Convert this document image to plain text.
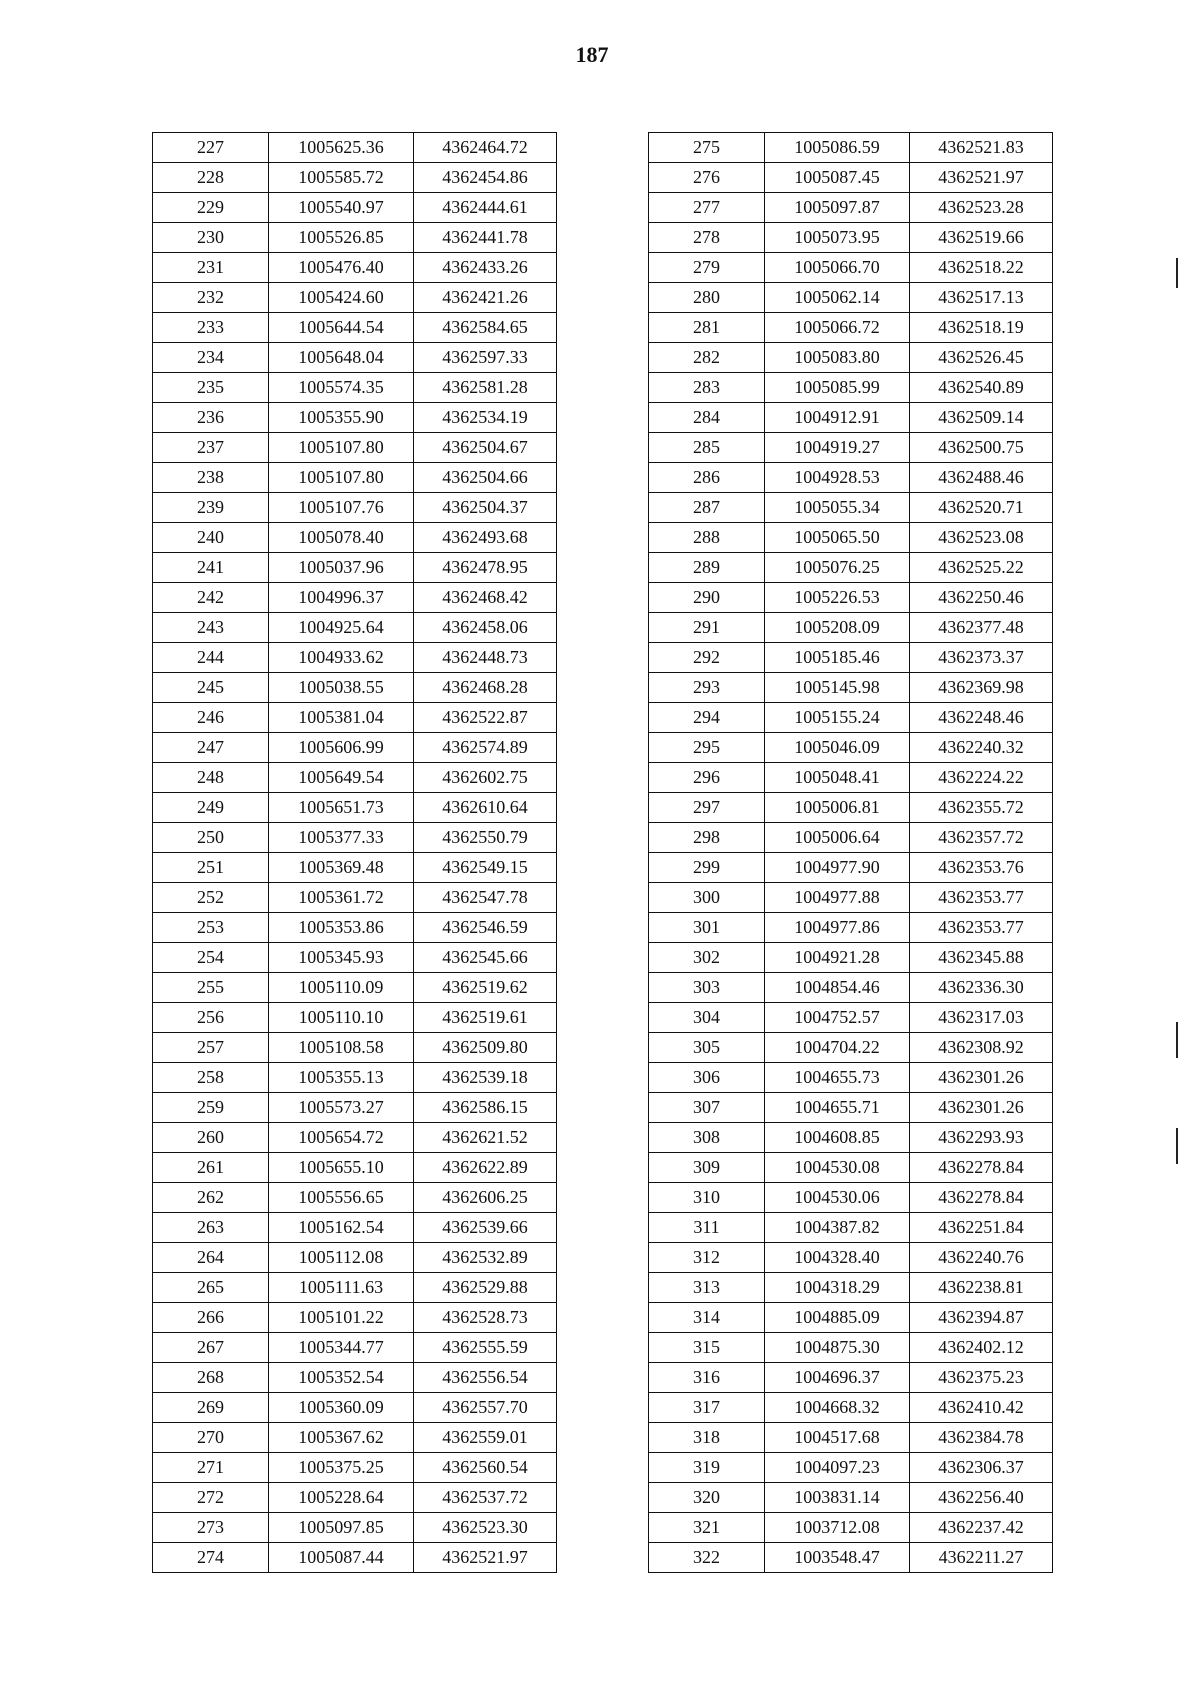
187
227	1005625.36	4362464.72
228	1005585.72	4362454.86
229	1005540.97	4362444.61
230	1005526.85	4362441.78
231	1005476.40	4362433.26
232	1005424.60	4362421.26
233	1005644.54	4362584.65
234	1005648.04	4362597.33
235	1005574.35	4362581.28
236	1005355.90	4362534.19
237	1005107.80	4362504.67
238	1005107.80	4362504.66
239	1005107.76	4362504.37
240	1005078.40	4362493.68
241	1005037.96	4362478.95
242	1004996.37	4362468.42
243	1004925.64	4362458.06
244	1004933.62	4362448.73
245	1005038.55	4362468.28
246	1005381.04	4362522.87
247	1005606.99	4362574.89
248	1005649.54	4362602.75
249	1005651.73	4362610.64
250	1005377.33	4362550.79
251	1005369.48	4362549.15
252	1005361.72	4362547.78
253	1005353.86	4362546.59
254	1005345.93	4362545.66
255	1005110.09	4362519.62
256	1005110.10	4362519.61
257	1005108.58	4362509.80
258	1005355.13	4362539.18
259	1005573.27	4362586.15
260	1005654.72	4362621.52
261	1005655.10	4362622.89
262	1005556.65	4362606.25
263	1005162.54	4362539.66
264	1005112.08	4362532.89
265	1005111.63	4362529.88
266	1005101.22	4362528.73
267	1005344.77	4362555.59
268	1005352.54	4362556.54
269	1005360.09	4362557.70
270	1005367.62	4362559.01
271	1005375.25	4362560.54
272	1005228.64	4362537.72
273	1005097.85	4362523.30
274	1005087.44	4362521.97
275	1005086.59	4362521.83
276	1005087.45	4362521.97
277	1005097.87	4362523.28
278	1005073.95	4362519.66
279	1005066.70	4362518.22
280	1005062.14	4362517.13
281	1005066.72	4362518.19
282	1005083.80	4362526.45
283	1005085.99	4362540.89
284	1004912.91	4362509.14
285	1004919.27	4362500.75
286	1004928.53	4362488.46
287	1005055.34	4362520.71
288	1005065.50	4362523.08
289	1005076.25	4362525.22
290	1005226.53	4362250.46
291	1005208.09	4362377.48
292	1005185.46	4362373.37
293	1005145.98	4362369.98
294	1005155.24	4362248.46
295	1005046.09	4362240.32
296	1005048.41	4362224.22
297	1005006.81	4362355.72
298	1005006.64	4362357.72
299	1004977.90	4362353.76
300	1004977.88	4362353.77
301	1004977.86	4362353.77
302	1004921.28	4362345.88
303	1004854.46	4362336.30
304	1004752.57	4362317.03
305	1004704.22	4362308.92
306	1004655.73	4362301.26
307	1004655.71	4362301.26
308	1004608.85	4362293.93
309	1004530.08	4362278.84
310	1004530.06	4362278.84
311	1004387.82	4362251.84
312	1004328.40	4362240.76
313	1004318.29	4362238.81
314	1004885.09	4362394.87
315	1004875.30	4362402.12
316	1004696.37	4362375.23
317	1004668.32	4362410.42
318	1004517.68	4362384.78
319	1004097.23	4362306.37
320	1003831.14	4362256.40
321	1003712.08	4362237.42
322	1003548.47	4362211.27
